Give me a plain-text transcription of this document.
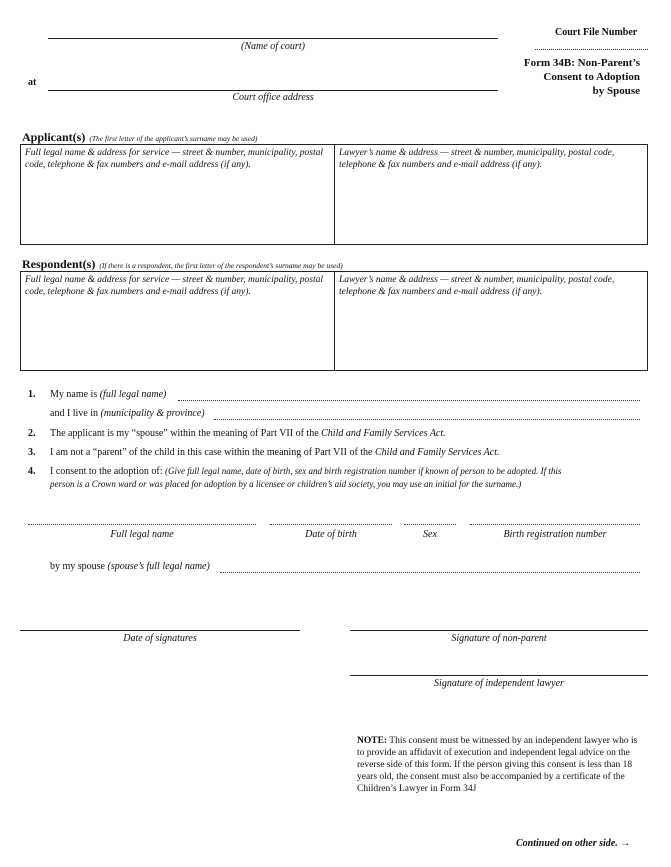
(Name of court)
at
Court office address
Court File Number
Form 34B: Non-Parent’s
Consent to Adoption
by Spouse
Applicant(s) (The first letter of the applicant’s surname may be used)
Full legal name & address for service — street & number, municipality, postal code, telephone & fax numbers and e-mail address (if any).
Lawyer’s name & address — street & number, municipality, postal code, telephone & fax numbers and e-mail address (if any).
Respondent(s) (If there is a respondent, the first letter of the respondent’s surname may be used)
Full legal name & address for service — street & number, municipality, postal code, telephone & fax numbers and e-mail address (if any).
Lawyer’s name & address — street & number, municipality, postal code, telephone & fax numbers and e-mail address (if any).
1. My name is (full legal name)
and I live in (municipality & province)
2. The applicant is my “spouse” within the meaning of Part VII of the Child and Family Services Act.
3. I am not a “parent” of the child in this case within the meaning of Part VII of the Child and Family Services Act.
4. I consent to the adoption of: (Give full legal name, date of birth, sex and birth registration number if known of person to be adopted. If this
person is a Crown ward or was placed for adoption by a licensee or children’s aid society, you may use an initial for the surname.)
Full legal name	Date of birth	Sex	Birth registration number
by my spouse (spouse’s full legal name)
Date of signatures	Signature of non-parent
Signature of independent lawyer
NOTE: This consent must be witnessed by an independent lawyer who is to provide an affidavit of execution and independent legal advice on the reverse side of this form. If the person giving this consent is less than 18 years old, the consent must also be accompanied by a certificate of the Children’s Lawyer in Form 34J
Continued on other side. →
